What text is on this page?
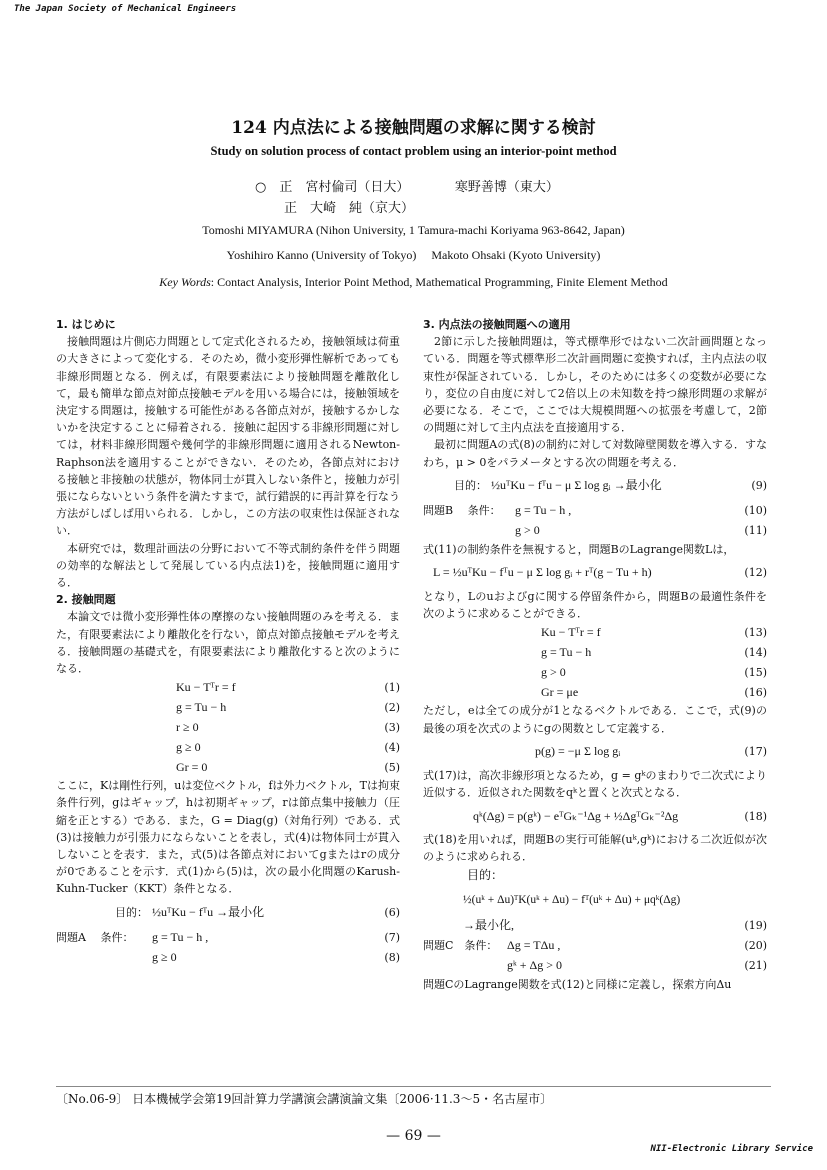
The Japan Society of Mechanical Engineers
124 内点法による接触問題の求解に関する検討
Study on solution process of contact problem using an interior-point method
○　正　宮村倫司（日大）　　　　寒野善博（東大）
正　大崎　純（京大）
Tomoshi MIYAMURA (Nihon University, 1 Tamura-machi Koriyama 963-8642, Japan)
Yoshihiro Kanno (University of Tokyo)　 Makoto Ohsaki (Kyoto University)
Key Words: Contact Analysis, Interior Point Method, Mathematical Programming, Finite Element Method

1. はじめに

接触問題は片側応力問題として定式化されるため，接触領域は荷重の大きさによって変化する．そのため，微小変形弾性解析であっても非線形問題となる．例えば，有限要素法により接触問題を離散化して，最も簡単な節点対節点接触モデルを用いる場合には，接触領域を決定する問題は，接触する可能性がある各節点対が，接触するかしないかを決定することに帰着される．接触に起因する非線形問題に対しては，材料非線形問題や幾何学的非線形問題に適用されるNewton-Raphson法を適用することができない．そのため，各節点対における接触と非接触の状態が，物体同士が貫入しない条件と，接触力が引張にならないという条件を満たすまで，試行錯誤的に再計算を行なう方法がしばしば用いられる．しかし，この方法の収束性は保証されない．

本研究では，数理計画法の分野において不等式制約条件を伴う問題の効率的な解法として発展している内点法1)を，接触問題に適用する．

2. 接触問題

本論文では微小変形弾性体の摩擦のない接触問題のみを考える．また，有限要素法により離散化を行ない，節点対節点接触モデルを考える．接触問題の基礎式を，有限要素法により離散化すると次のようになる．

Ku − Tᵀr = f	(1)
g = Tu − h	(2)
r ≥ 0	(3)
g ≥ 0	(4)
Gr = 0	(5)

ここに，Kは剛性行列，uは変位ベクトル，fは外力ベクトル，Tは拘束条件行列，gはギャップ，hは初期ギャップ，rは節点集中接触力（圧縮を正とする）である．また，G = Diag(g)（対角行列）である．式(3)は接触力が引張力にならないことを表し，式(4)は物体同士が貫入しないことを表す．また，式(5)は各節点対においてgまたはrの成分が0であることを示す．式(1)から(5)は，次の最小化問題のKarush-Kuhn-Tucker（KKT）条件となる．

目的： ½uᵀKu − fᵀu →最小化	(6)
問題A　 条件：	g = Tu − h ,	(7)
g ≥ 0	(8)

3. 内点法の接触問題への適用

2節に示した接触問題は，等式標準形ではない二次計画問題となっている．問題を等式標準形二次計画問題に変換すれば，主内点法の収束性が保証されている．しかし，そのためには多くの変数が必要になり，変位の自由度に対して2倍以上の未知数を持つ線形問題の求解が必要になる．そこで，ここでは大規模問題への拡張を考慮して，2節の問題に対して主内点法を直接適用する．

最初に問題Aの式(8)の制約に対して対数障壁関数を導入する．すなわち，μ > 0をパラメータとする次の問題を考える．

目的： ½uᵀKu − fᵀu − μ Σ log gᵢ →最小化	(9)
問題B　 条件：	g = Tu − h ,	(10)
g > 0	(11)

式(11)の制約条件を無視すると，問題BのLagrange関数Lは，

L = ½uᵀKu − fᵀu − μ Σ log gᵢ + rᵀ(g − Tu + h)	(12)

となり，Lのuおよびgに関する停留条件から，問題Bの最適性条件を次のように求めることができる．

Ku − Tᵀr = f	(13)
g = Tu − h	(14)
g > 0	(15)
Gr = μe	(16)

ただし，eは全ての成分が1となるベクトルである．ここで，式(9)の最後の項を次式のようにgの関数として定義する．

p(g) = −μ Σ log gᵢ	(17)

式(17)は，高次非線形項となるため，g = gᵏのまわりで二次式により近似する．近似された関数をqᵏと置くと次式となる．

qᵏ(Δg) = p(gᵏ) − eᵀGₖ⁻¹Δg + ½ΔgᵀGₖ⁻²Δg	(18)

式(18)を用いれば，問題Bの実行可能解(uᵏ,gᵏ)における二次近似が次のように求められる．

目的：
½(uᵏ + Δu)ᵀK(uᵏ + Δu) − fᵀ(uᵏ + Δu) + μqᵏ(Δg)
→最小化,	(19)
問題C　条件： Δg = TΔu ,	(20)
gᵏ + Δg > 0	(21)

問題CのLagrange関数を式(12)と同様に定義し，探索方向Δu

〔No.06-9〕 日本機械学会第19回計算力学講演会講演論文集〔2006·11.3〜5・名古屋市〕
— 69 —
NII-Electronic Library Service
